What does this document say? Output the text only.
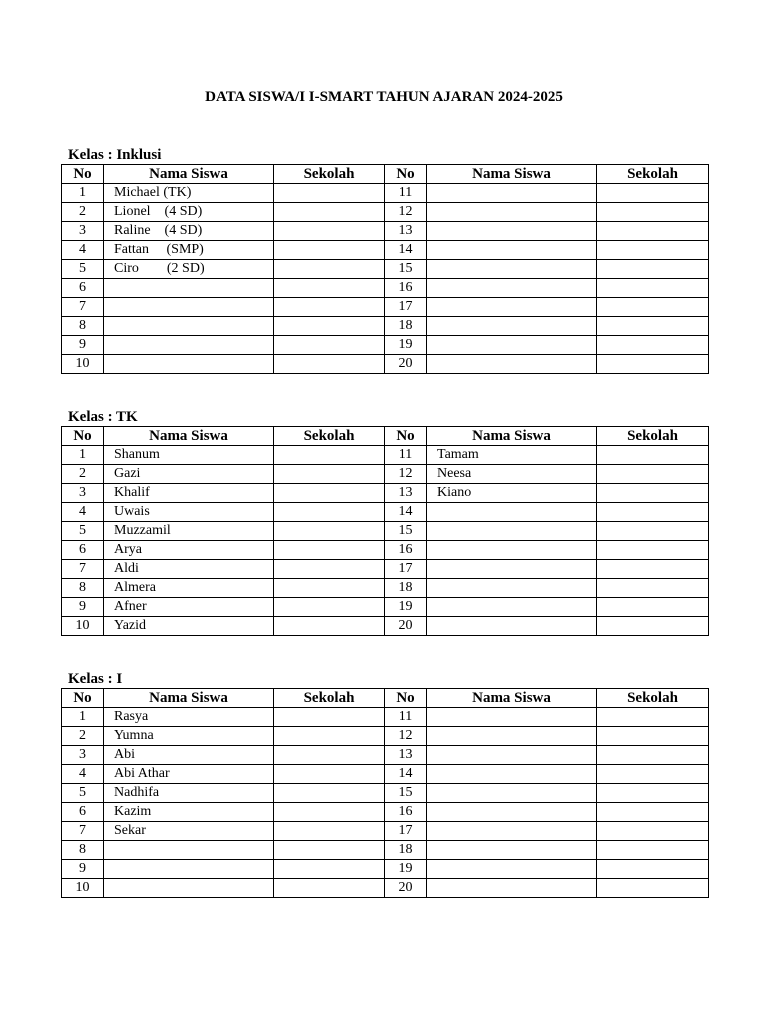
DATA SISWA/I I-SMART TAHUN AJARAN 2024-2025
Kelas : Inklusi
No	Nama Siswa	Sekolah	No	Nama Siswa	Sekolah
1	Michael (TK)		11		
2	Lionel    (4 SD)		12		
3	Raline    (4 SD)		13		
4	Fattan     (SMP)		14		
5	Ciro        (2 SD)		15		
6			16		
7			17		
8			18		
9			19		
10			20		
Kelas : TK
No	Nama Siswa	Sekolah	No	Nama Siswa	Sekolah
1	Shanum		11	Tamam	
2	Gazi		12	Neesa	
3	Khalif		13	Kiano	
4	Uwais		14		
5	Muzzamil		15		
6	Arya		16		
7	Aldi		17		
8	Almera		18		
9	Afner		19		
10	Yazid		20		
Kelas : I
No	Nama Siswa	Sekolah	No	Nama Siswa	Sekolah
1	Rasya		11		
2	Yumna		12		
3	Abi		13		
4	Abi Athar		14		
5	Nadhifa		15		
6	Kazim		16		
7	Sekar		17		
8			18		
9			19		
10			20		
